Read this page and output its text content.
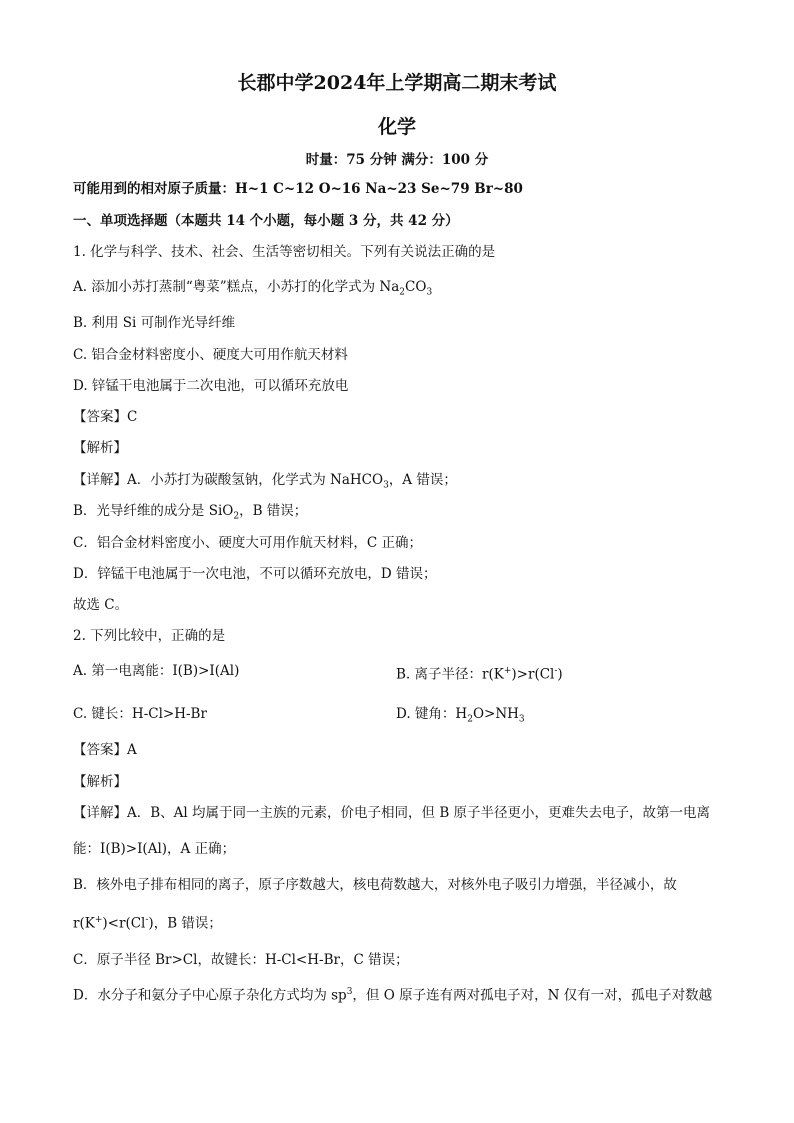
长郡中学2024年上学期高二期末考试
化学
时量：75 分钟 满分：100 分
可能用到的相对原子质量：H~1 C~12 O~16 Na~23 Se~79 Br~80
一、单项选择题（本题共 14 个小题，每小题 3 分，共 42 分）
1. 化学与科学、技术、社会、生活等密切相关。下列有关说法正确的是
A. 添加小苏打蒸制“粤菜”糕点，小苏打的化学式为 $Na_2CO_3$
B. 利用 Si 可制作光导纤维
C. 铝合金材料密度小、硬度大可用作航天材料
D. 锌锰干电池属于二次电池，可以循环充放电
【答案】C
【解析】
【详解】A．小苏打为碳酸氢钠，化学式为 NaHCO$_3$，A 错误；
B．光导纤维的成分是 SiO$_2$，B 错误；
C．铝合金材料密度小、硬度大可用作航天材料，C 正确；
D．锌锰干电池属于一次电池，不可以循环充放电，D 错误；
故选 C。
2. 下列比较中，正确的是
A. 第一电离能：I(B)>I(Al)	B. 离子半径：r(K+)>r(Cl-)
C. 键长：H-Cl>H-Br	D. 键角：$H_2O>NH_3$
【答案】A
【解析】
【详解】A．B、Al 均属于同一主族的元素，价电子相同，但 B 原子半径更小，更难失去电子，故第一电离
能：I(B)>I(Al)，A 正确；
B．核外电子排布相同的离子，原子序数越大，核电荷数越大，对核外电子吸引力增强，半径减小，故
r(K+)<r(Cl-)，B 错误；
C．原子半径 Br>Cl，故键长：H-Cl<H-Br，C 错误；
D．水分子和氨分子中心原子杂化方式均为 $sp^3$，但 O 原子连有两对孤电子对，N 仅有一对，孤电子对数越
